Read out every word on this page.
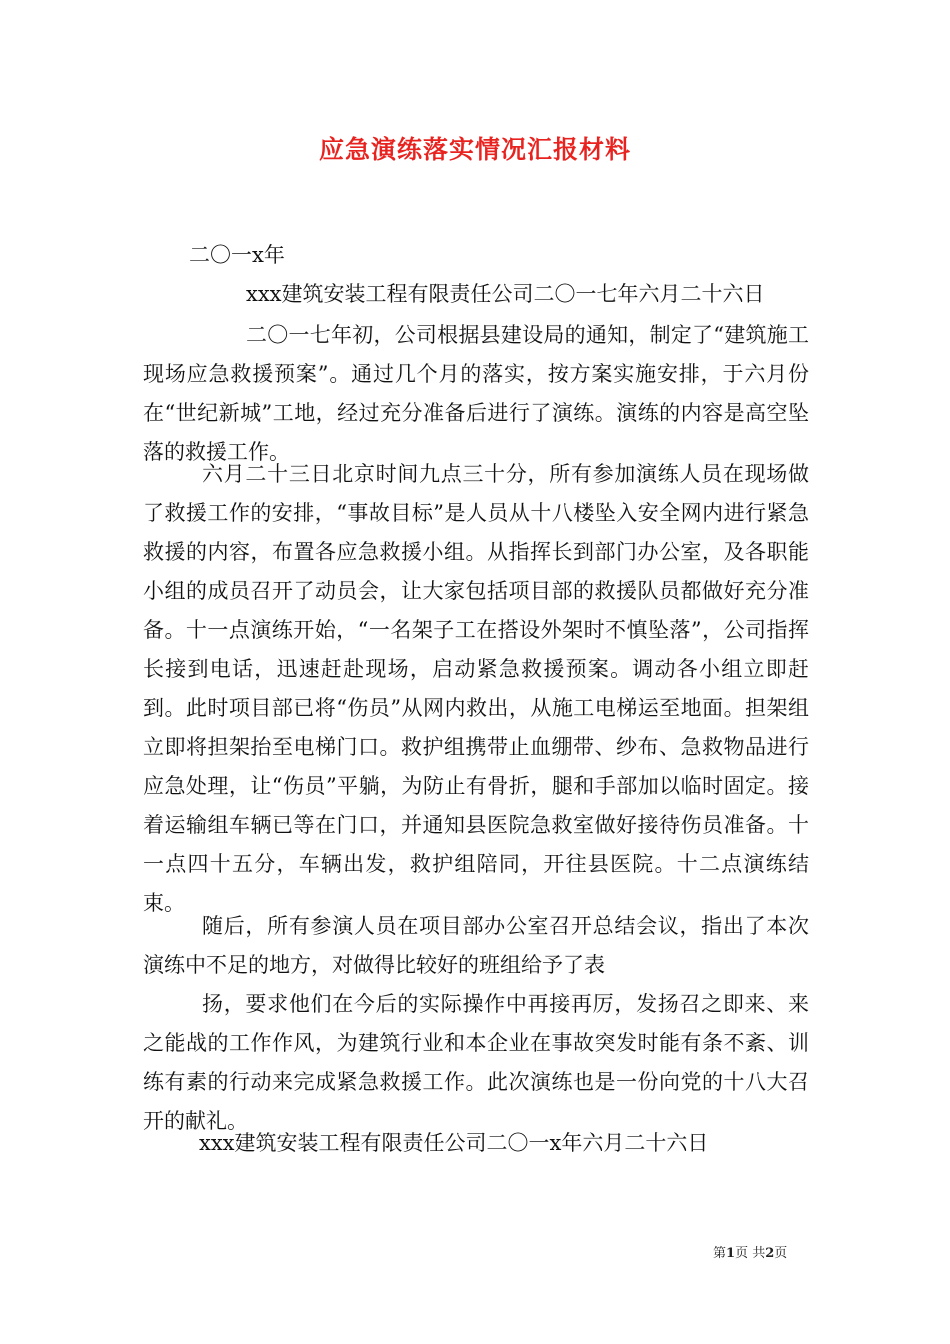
应急演练落实情况汇报材料
二〇一x年
xxx建筑安装工程有限责任公司二〇一七年六月二十六日

二〇一七年初，公司根据县建设局的通知，制定了“建筑施工现场应急救援预案”。通过几个月的落实，按方案实施安排，于六月份在“世纪新城”工地，经过充分准备后进行了演练。演练的内容是高空坠落的救援工作。

六月二十三日北京时间九点三十分，所有参加演练人员在现场做了救援工作的安排，“事故目标”是人员从十八楼坠入安全网内进行紧急救援的内容，布置各应急救援小组。从指挥长到部门办公室，及各职能小组的成员召开了动员会，让大家包括项目部的救援队员都做好充分准备。十一点演练开始，“一名架子工在搭设外架时不慎坠落”，公司指挥长接到电话，迅速赶赴现场，启动紧急救援预案。调动各小组立即赶到。此时项目部已将“伤员”从网内救出，从施工电梯运至地面。担架组立即将担架抬至电梯门口。救护组携带止血绷带、纱布、急救物品进行应急处理，让“伤员”平躺，为防止有骨折，腿和手部加以临时固定。接着运输组车辆已等在门口，并通知县医院急救室做好接待伤员准备。十一点四十五分，车辆出发，救护组陪同，开往县医院。十二点演练结束。

随后，所有参演人员在项目部办公室召开总结会议，指出了本次演练中不足的地方，对做得比较好的班组给予了表

扬，要求他们在今后的实际操作中再接再厉，发扬召之即来、来之能战的工作作风，为建筑行业和本企业在事故突发时能有条不紊、训练有素的行动来完成紧急救援工作。此次演练也是一份向党的十八大召开的献礼。

xxx建筑安装工程有限责任公司二〇一x年六月二十六日
第1页 共2页
